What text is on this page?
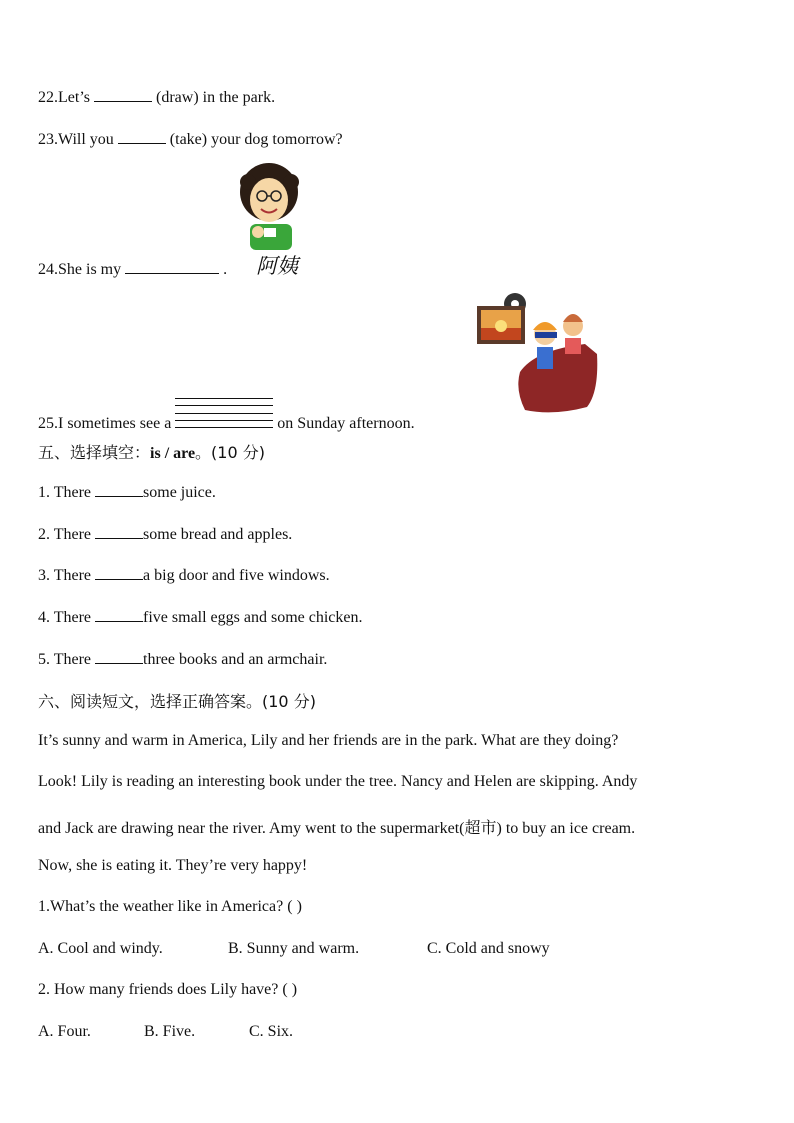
22.Let’s	(draw) in the park.
23.Will you	(take) your dog tomorrow?
阿姨
24.She is my	.
25.I sometimes see a	on Sunday afternoon.
五、选择填空：is / are。(10 分)
1. There	some juice.
2. There	some bread and apples.
3. There	a big door and five windows.
4. There	five small eggs and some chicken.
5. There	three books and an armchair.
六、阅读短文，选择正确答案。(10 分)
It’s sunny and warm in America, Lily and her friends are in the park. What are they doing?
Look! Lily is reading an interesting book under the tree. Nancy and Helen are skipping. Andy
and Jack are drawing near the river. Amy went to the supermarket(超市) to buy an ice cream.
Now, she is eating it. They’re very happy!
1.What’s the weather like in America? ( )
A. Cool and windy.	B. Sunny and warm.	C. Cold and snowy
2. How many friends does Lily have? ( )
A. Four.	B. Five.	C. Six.
